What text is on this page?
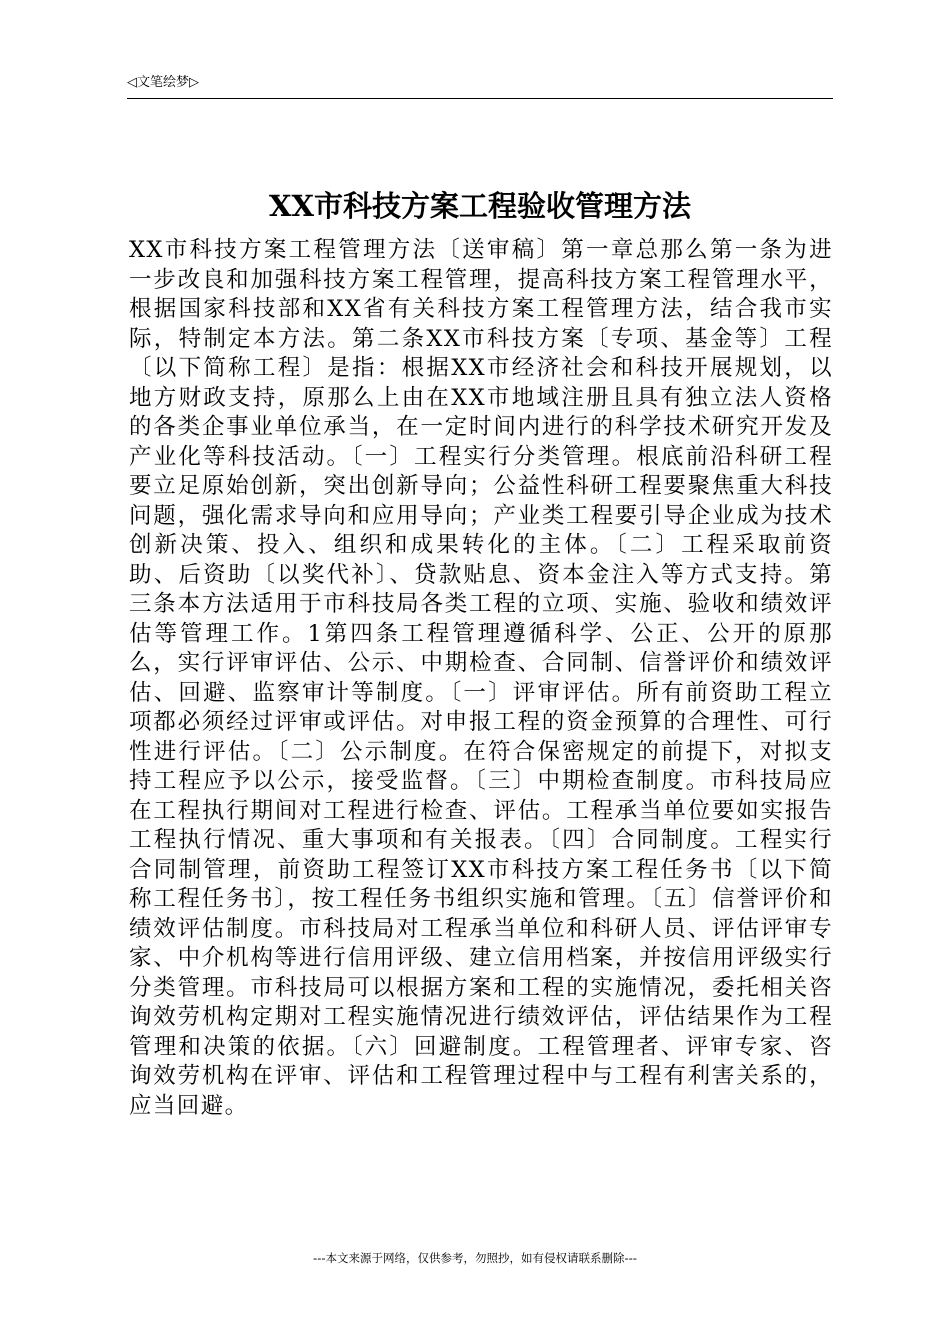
◁文笔绘梦▷
XX市科技方案工程验收管理方法

XX市科技方案工程管理方法〔送审稿〕第一章总那么第一条为进一步改良和加强科技方案工程管理，提高科技方案工程管理水平，根据国家科技部和XX省有关科技方案工程管理方法，结合我市实际，特制定本方法。第二条XX市科技方案〔专项、基金等〕工程〔以下简称工程〕是指：根据XX市经济社会和科技开展规划，以地方财政支持，原那么上由在XX市地域注册且具有独立法人资格的各类企事业单位承当，在一定时间内进行的科学技术研究开发及产业化等科技活动。〔一〕工程实行分类管理。根底前沿科研工程要立足原始创新，突出创新导向；公益性科研工程要聚焦重大科技问题，强化需求导向和应用导向；产业类工程要引导企业成为技术创新决策、投入、组织和成果转化的主体。〔二〕工程采取前资助、后资助〔以奖代补〕、贷款贴息、资本金注入等方式支持。第三条本方法适用于市科技局各类工程的立项、实施、验收和绩效评估等管理工作。1第四条工程管理遵循科学、公正、公开的原那么，实行评审评估、公示、中期检查、合同制、信誉评价和绩效评估、回避、监察审计等制度。〔一〕评审评估。所有前资助工程立项都必须经过评审或评估。对申报工程的资金预算的合理性、可行性进行评估。〔二〕公示制度。在符合保密规定的前提下，对拟支持工程应予以公示，接受监督。〔三〕中期检查制度。市科技局应在工程执行期间对工程进行检查、评估。工程承当单位要如实报告工程执行情况、重大事项和有关报表。〔四〕合同制度。工程实行合同制管理，前资助工程签订XX市科技方案工程任务书〔以下简称工程任务书〕，按工程任务书组织实施和管理。〔五〕信誉评价和绩效评估制度。市科技局对工程承当单位和科研人员、评估评审专家、中介机构等进行信用评级、建立信用档案，并按信用评级实行分类管理。市科技局可以根据方案和工程的实施情况，委托相关咨询效劳机构定期对工程实施情况进行绩效评估，评估结果作为工程管理和决策的依据。〔六〕回避制度。工程管理者、评审专家、咨询效劳机构在评审、评估和工程管理过程中与工程有利害关系的，应当回避。

---本文来源于网络，仅供参考，勿照抄，如有侵权请联系删除---
